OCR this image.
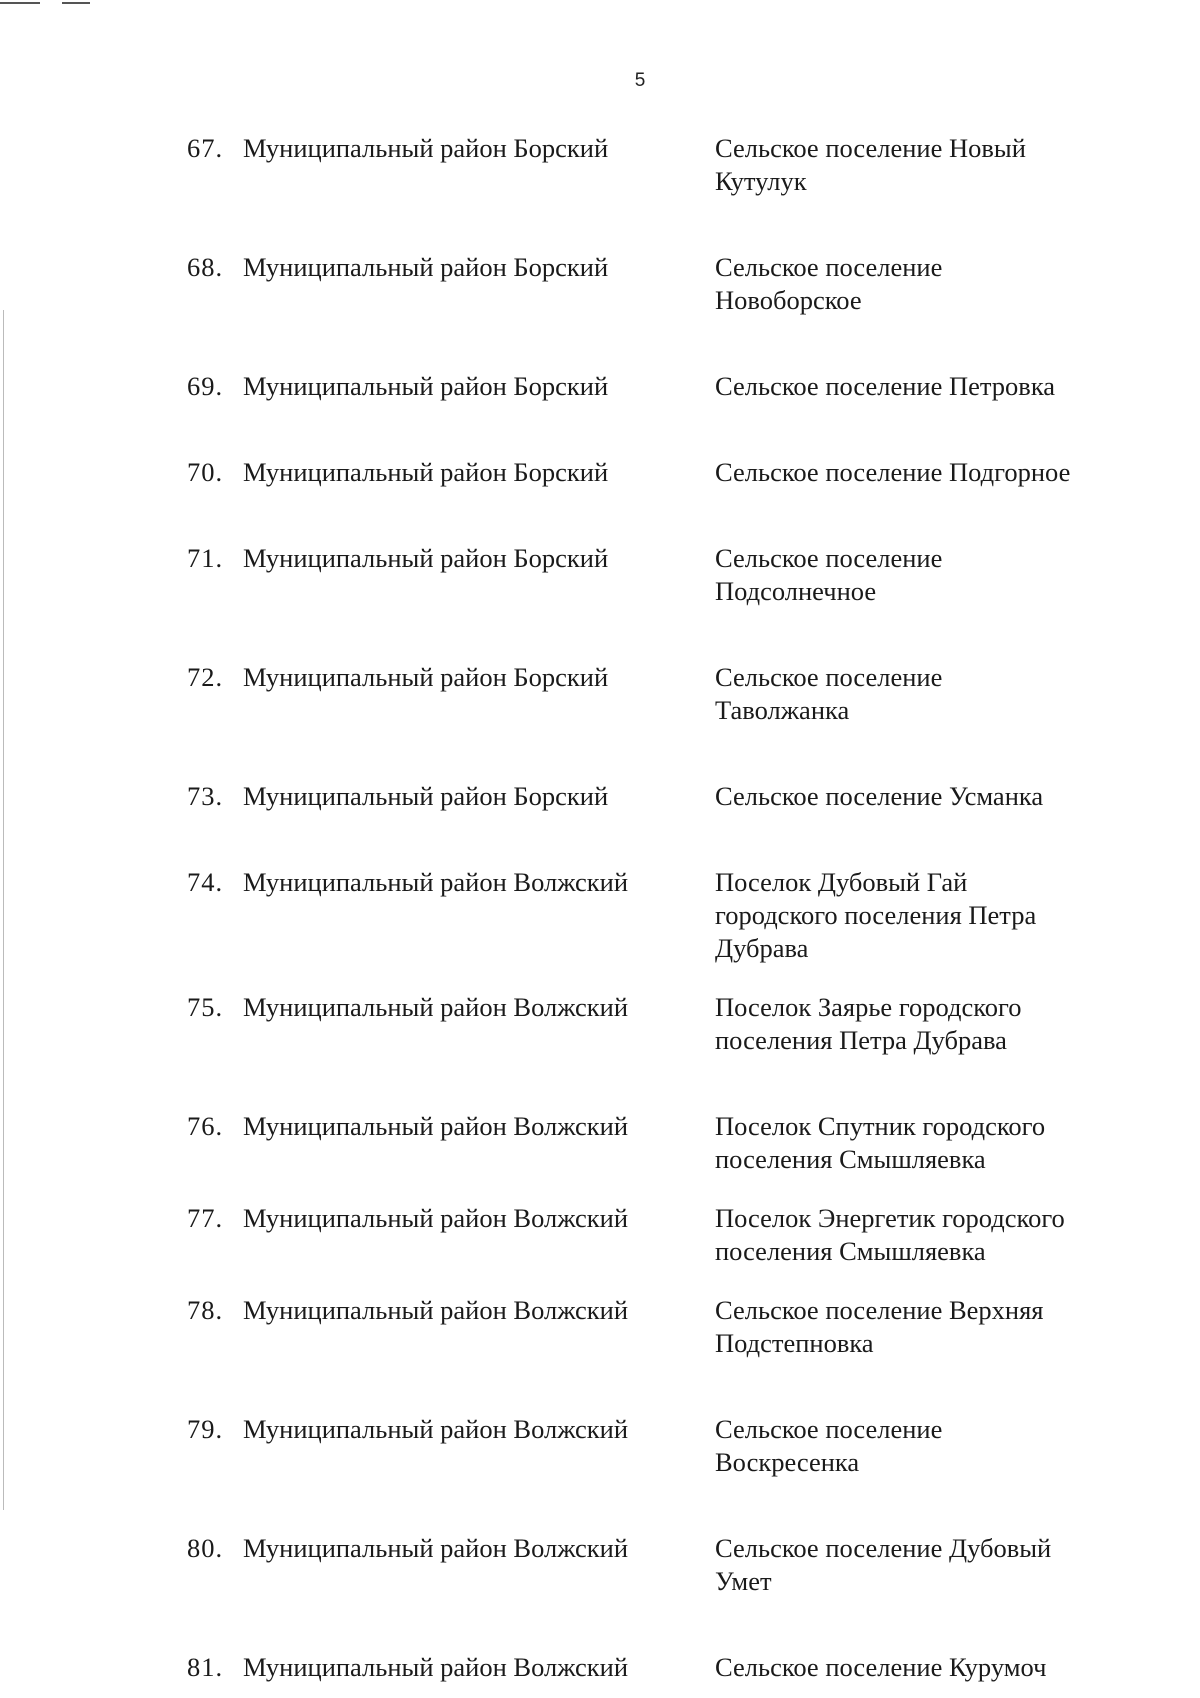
5
67. Муниципальный район Борский	Сельское поселение Новый Кутулук
68. Муниципальный район Борский	Сельское поселение Новоборское
69. Муниципальный район Борский	Сельское поселение Петровка
70. Муниципальный район Борский	Сельское поселение Подгорное
71. Муниципальный район Борский	Сельское поселение Подсолнечное
72. Муниципальный район Борский	Сельское поселение Таволжанка
73. Муниципальный район Борский	Сельское поселение Усманка
74. Муниципальный район Волжский	Поселок Дубовый Гай городского поселения Петра Дубрава
75. Муниципальный район Волжский	Поселок Заярье городского поселения Петра Дубрава
76. Муниципальный район Волжский	Поселок Спутник городского поселения Смышляевка
77. Муниципальный район Волжский	Поселок Энергетик городского поселения Смышляевка
78. Муниципальный район Волжский	Сельское поселение Верхняя Подстепновка
79. Муниципальный район Волжский	Сельское поселение Воскресенка
80. Муниципальный район Волжский	Сельское поселение Дубовый Умет
81. Муниципальный район Волжский	Сельское поселение Курумоч
